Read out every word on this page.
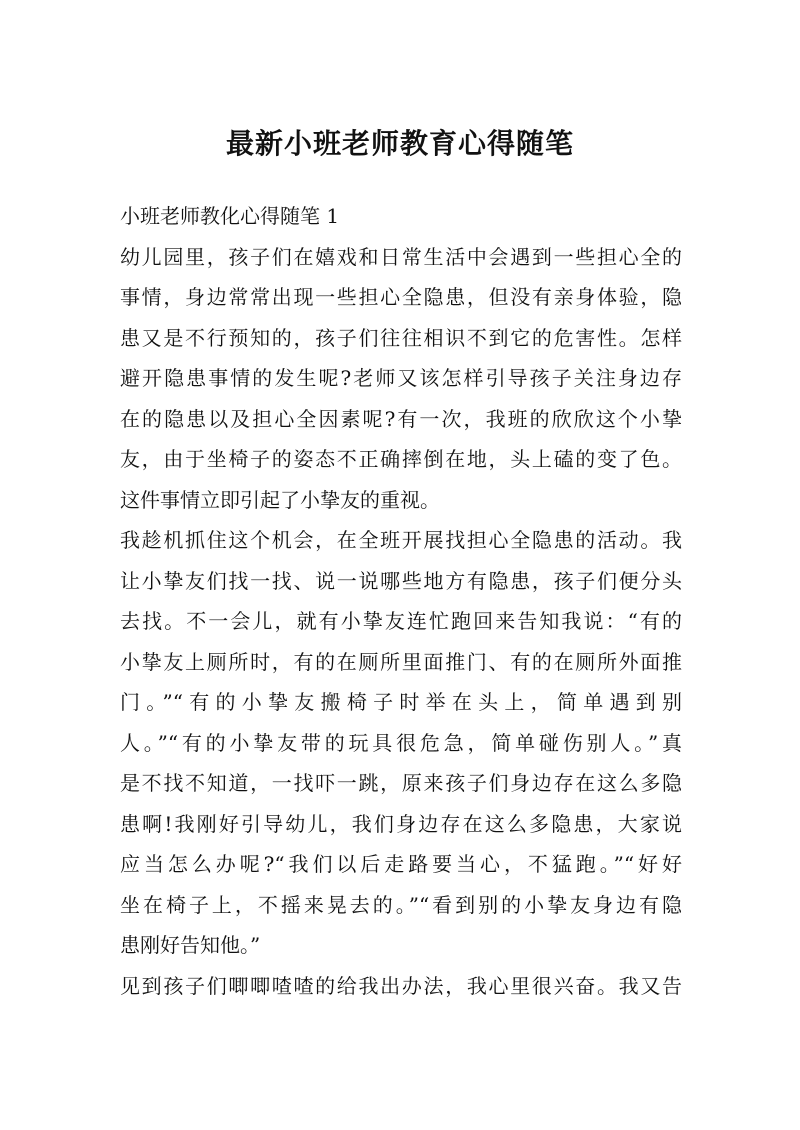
最新小班老师教育心得随笔
小班老师教化心得随笔 1
幼儿园里，孩子们在嬉戏和日常生活中会遇到一些担心全的
事情，身边常常出现一些担心全隐患，但没有亲身体验，隐
患又是不行预知的，孩子们往往相识不到它的危害性。怎样
避开隐患事情的发生呢?老师又该怎样引导孩子关注身边存
在的隐患以及担心全因素呢?有一次，我班的欣欣这个小挚
友，由于坐椅子的姿态不正确摔倒在地，头上磕的变了色。
这件事情立即引起了小挚友的重视。
我趁机抓住这个机会，在全班开展找担心全隐患的活动。我
让小挚友们找一找、说一说哪些地方有隐患，孩子们便分头
去找。不一会儿，就有小挚友连忙跑回来告知我说：“有的
小挚友上厕所时，有的在厕所里面推门、有的在厕所外面推
门。”“有的小挚友搬椅子时举在头上，简单遇到别
人。”“有的小挚友带的玩具很危急，简单碰伤别人。”真
是不找不知道，一找吓一跳，原来孩子们身边存在这么多隐
患啊!我刚好引导幼儿，我们身边存在这么多隐患，大家说
应当怎么办呢?“我们以后走路要当心，不猛跑。”“好好
坐在椅子上，不摇来晃去的。”“看到别的小挚友身边有隐
患刚好告知他。”
见到孩子们唧唧喳喳的给我出办法，我心里很兴奋。我又告
